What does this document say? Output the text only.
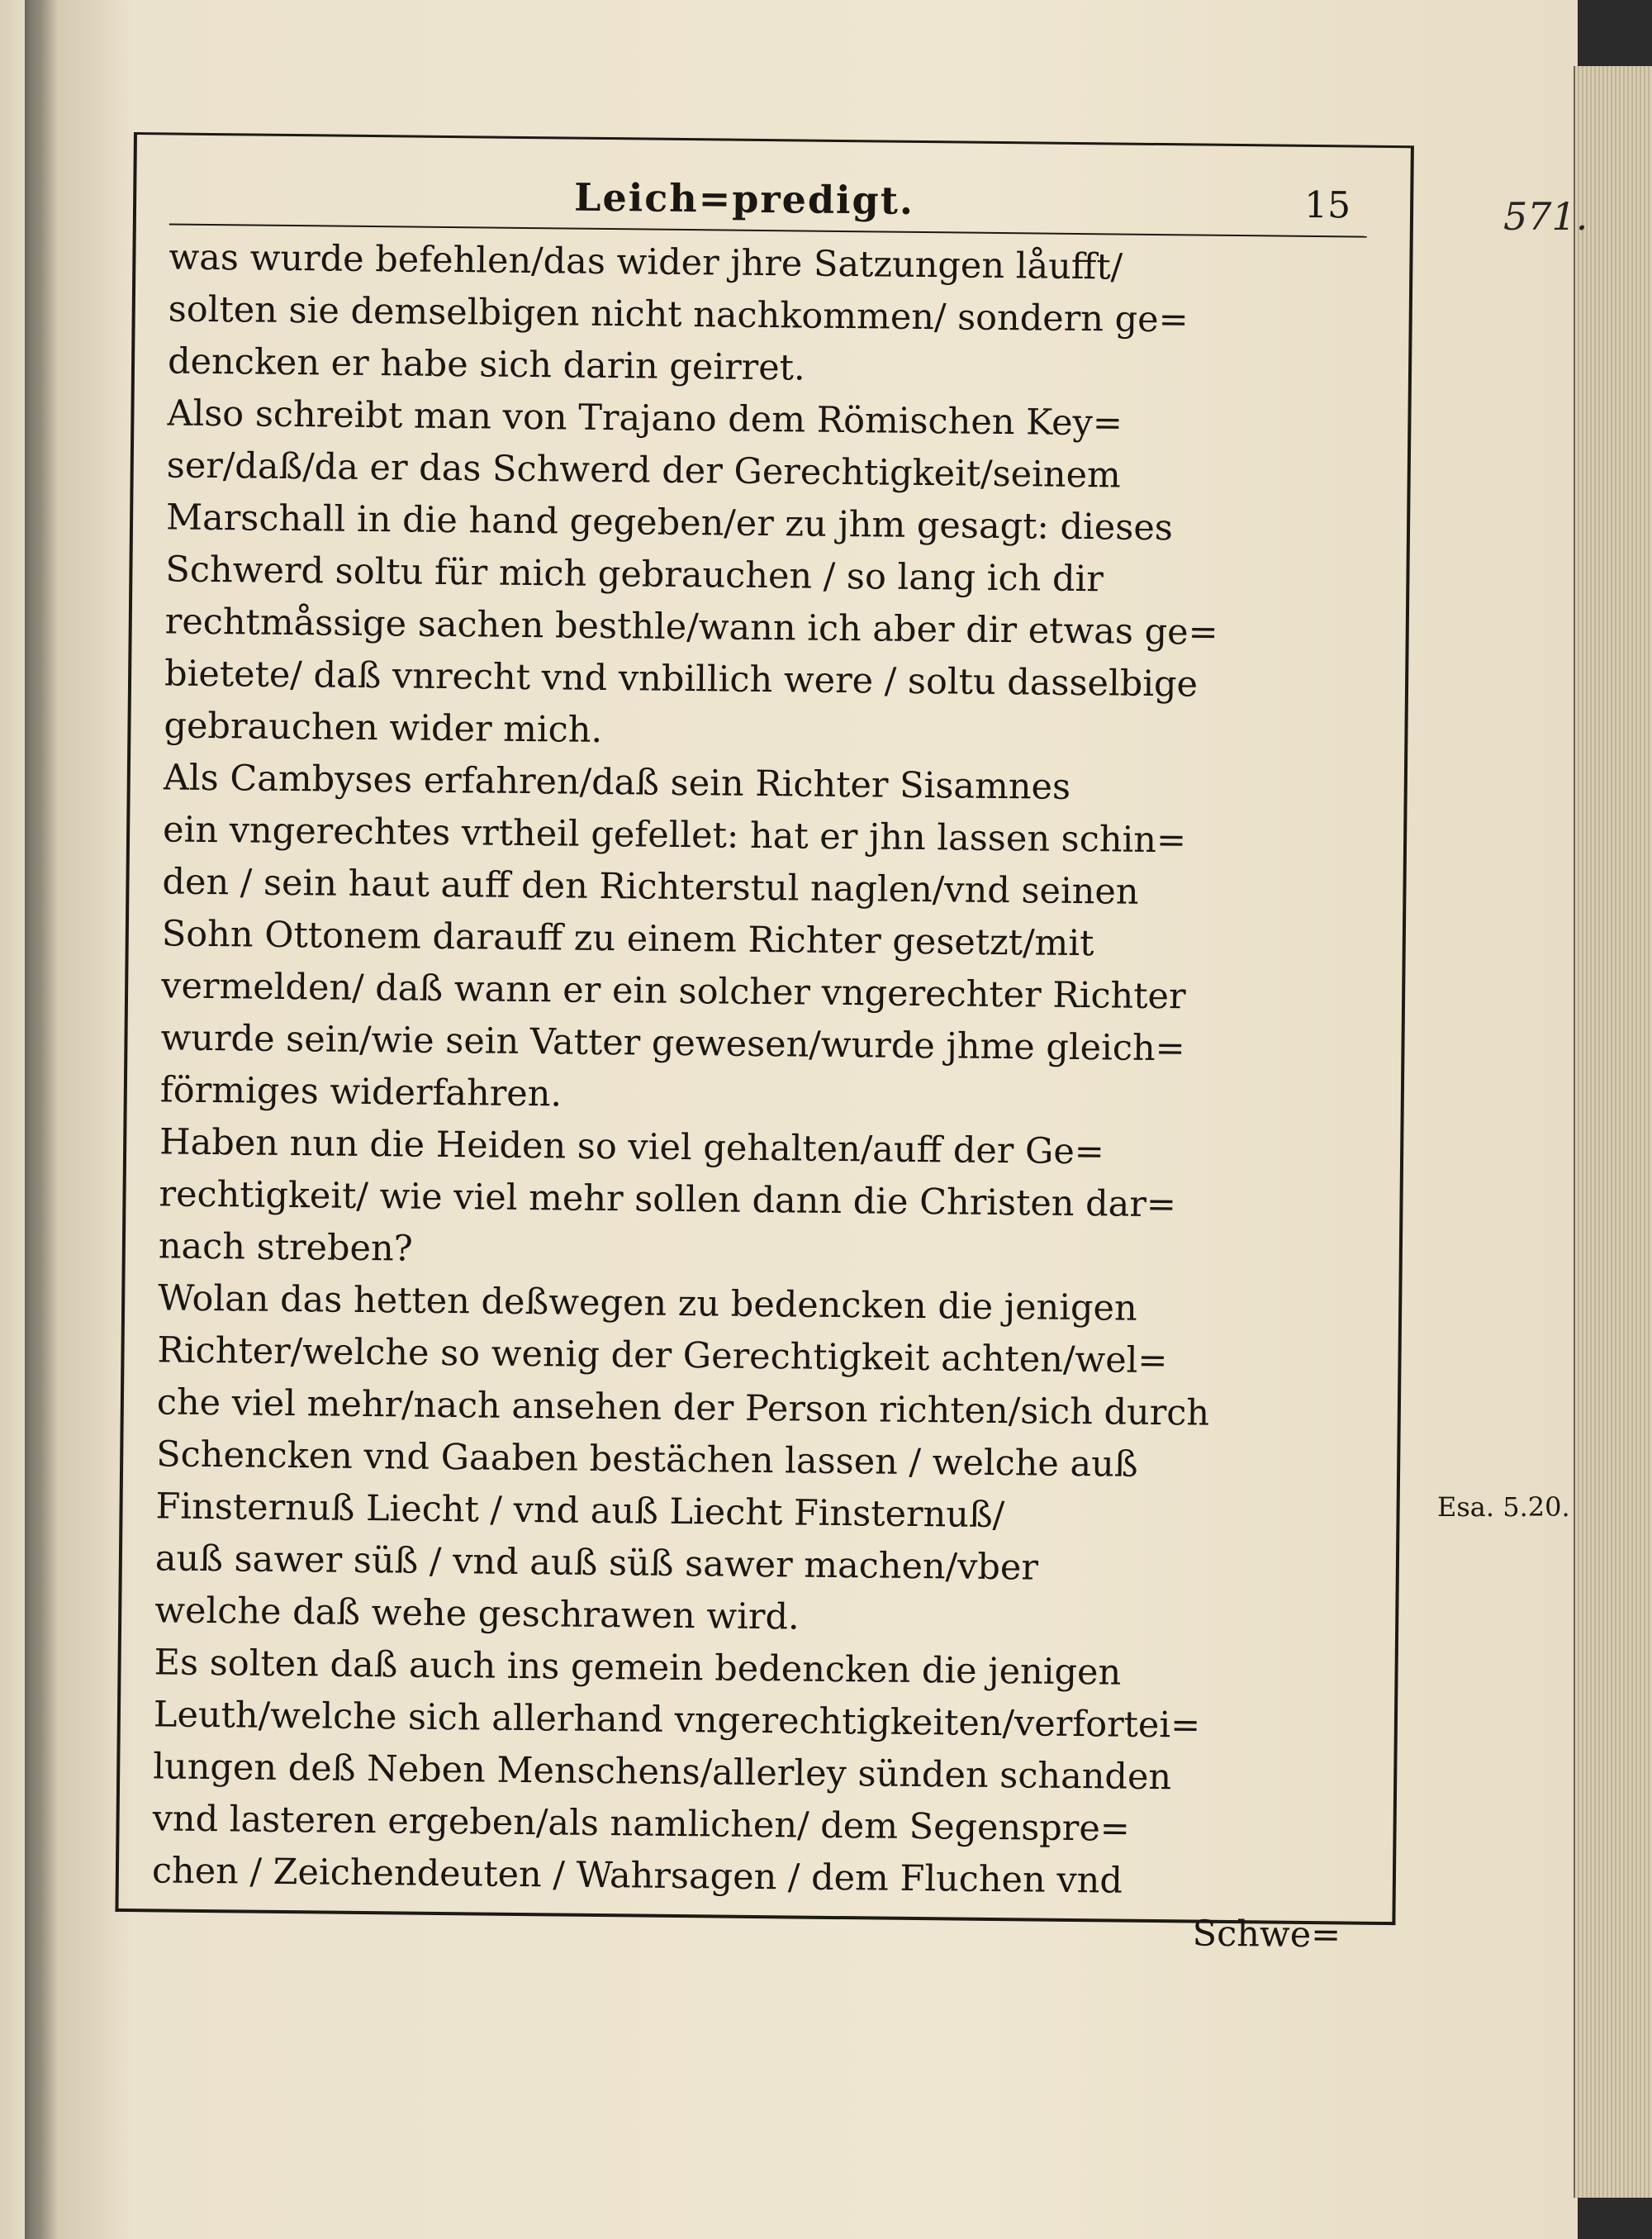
571.
Leich=predigt.	15
was wurde befehlen/das wider jhre Satzungen låufft/
solten sie demselbigen nicht nachkommen/ sondern ge=
dencken er habe sich darin geirret.
Also schreibt man von Trajano dem Römischen Key=
ser/daß/da er das Schwerd der Gerechtigkeit/seinem
Marschall in die hand gegeben/er zu jhm gesagt: dieses
Schwerd soltu für mich gebrauchen / so lang ich dir
rechtmåssige sachen besthle/wann ich aber dir etwas ge=
bietete/ daß vnrecht vnd vnbillich were / soltu dasselbige
gebrauchen wider mich.
Als Cambyses erfahren/daß sein Richter Sisamnes
ein vngerechtes vrtheil gefellet: hat er jhn lassen schin=
den / sein haut auff den Richterstul naglen/vnd seinen
Sohn Ottonem darauff zu einem Richter gesetzt/mit
vermelden/ daß wann er ein solcher vngerechter Richter
wurde sein/wie sein Vatter gewesen/wurde jhme gleich=
förmiges widerfahren.
Haben nun die Heiden so viel gehalten/auff der Ge=
rechtigkeit/ wie viel mehr sollen dann die Christen dar=
nach streben?
Wolan das hetten deßwegen zu bedencken die jenigen
Richter/welche so wenig der Gerechtigkeit achten/wel=
che viel mehr/nach ansehen der Person richten/sich durch
Schencken vnd Gaaben bestächen lassen / welche auß
Finsternuß Liecht / vnd auß Liecht Finsternuß/
auß sawer süß / vnd auß süß sawer machen/vber
welche daß wehe geschrawen wird.
Es solten daß auch ins gemein bedencken die jenigen
Leuth/welche sich allerhand vngerechtigkeiten/verfortei=
lungen deß Neben Menschens/allerley sünden schanden
vnd lasteren ergeben/als namlichen/ dem Segenspre=
chen / Zeichendeuten / Wahrsagen / dem Fluchen vnd
Schwe=
Esa. 5.20.
